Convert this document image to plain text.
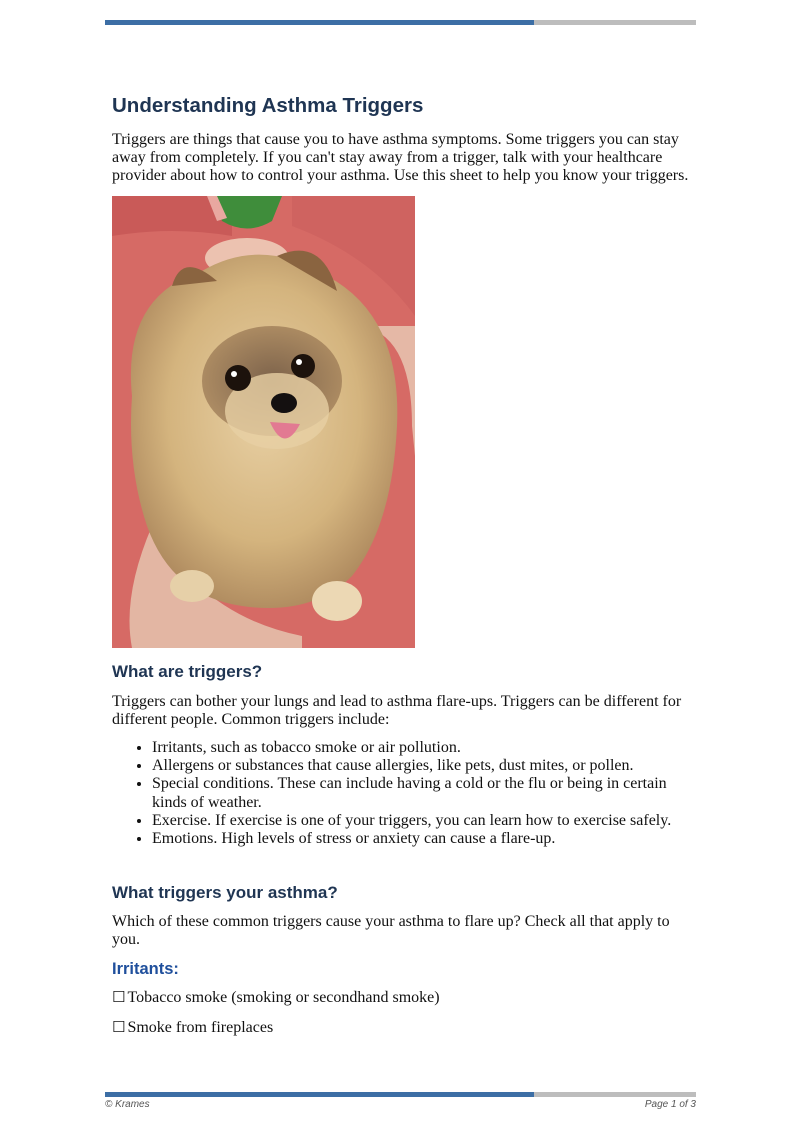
Understanding Asthma Triggers

Triggers are things that cause you to have asthma symptoms. Some triggers you can stay away from completely. If you can't stay away from a trigger, talk with your healthcare provider about how to control your asthma. Use this sheet to help you know your triggers.

What are triggers?

Triggers can bother your lungs and lead to asthma flare-ups. Triggers can be different for different people. Common triggers include:

• Irritants, such as tobacco smoke or air pollution.
• Allergens or substances that cause allergies, like pets, dust mites, or pollen.
• Special conditions. These can include having a cold or the flu or being in certain kinds of weather.
• Exercise. If exercise is one of your triggers, you can learn how to exercise safely.
• Emotions. High levels of stress or anxiety can cause a flare-up.
What triggers your asthma?

Which of these common triggers cause your asthma to flare up? Check all that apply to you.

Irritants:
☐ Tobacco smoke (smoking or secondhand smoke)
☐ Smoke from fireplaces
© Krames	Page 1 of 3
